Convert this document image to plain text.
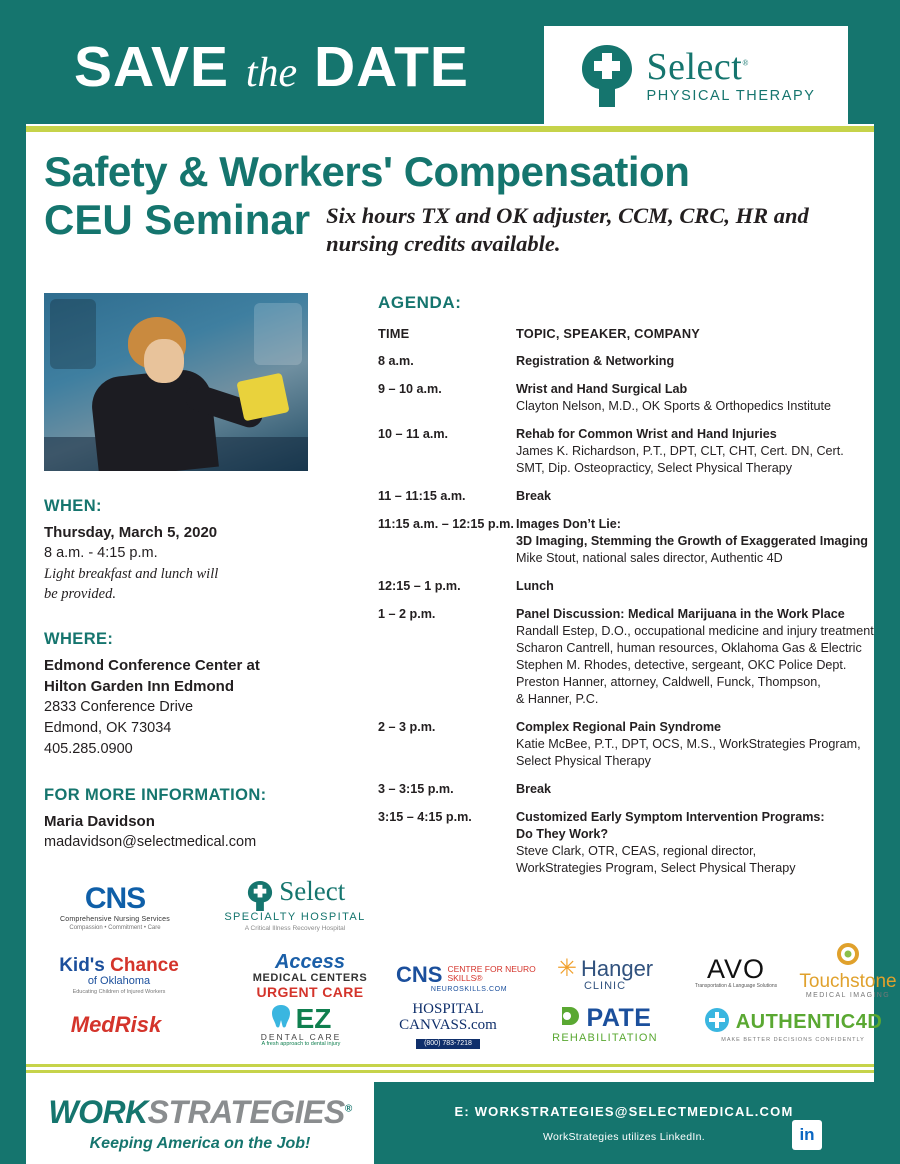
SAVE the DATE	Select®
PHYSICAL THERAPY
Safety & Workers' Compensation
CEU Seminar Six hours TX and OK adjuster, CCM, CRC, HR and nursing credits available.
WHEN:
Thursday, March 5, 2020
8 a.m. - 4:15 p.m.
Light breakfast and lunch will
be provided.
WHERE:
Edmond Conference Center at
Hilton Garden Inn Edmond
2833 Conference Drive
Edmond, OK 73034
405.285.0900
FOR MORE INFORMATION:
Maria Davidson
madavidson@selectmedical.com
AGENDA:
TIME	TOPIC, SPEAKER, COMPANY
8 a.m.	Registration & Networking
9 – 10 a.m.	Wrist and Hand Surgical Lab
Clayton Nelson, M.D., OK Sports & Orthopedics Institute
10 – 11 a.m.	Rehab for Common Wrist and Hand Injuries
James K. Richardson, P.T., DPT, CLT, CHT, Cert. DN, Cert.
SMT, Dip. Osteopracticy, Select Physical Therapy
11 – 11:15 a.m.	Break
11:15 a.m. – 12:15 p.m. Images Don’t Lie:
3D Imaging, Stemming the Growth of Exaggerated Imaging
Mike Stout, national sales director, Authentic 4D
12:15 – 1 p.m.	Lunch
1 – 2 p.m.	Panel Discussion: Medical Marijuana in the Work Place
Randall Estep, D.O., occupational medicine and injury treatment
Scharon Cantrell, human resources, Oklahoma Gas & Electric
Stephen M. Rhodes, detective, sergeant, OKC Police Dept.
Preston Hanner, attorney, Caldwell, Funck, Thompson,
& Hanner, P.C.
2 – 3 p.m.	Complex Regional Pain Syndrome
Katie McBee, P.T., DPT, OCS, M.S., WorkStrategies Program,
Select Physical Therapy
3 – 3:15 p.m.	Break
3:15 – 4:15 p.m.	Customized Early Symptom Intervention Programs:
Do They Work?
Steve Clark, OTR, CEAS, regional director,
WorkStrategies Program, Select Physical Therapy
CNS
Comprehensive Nursing Services
Compassion • Commitment • Care
Select
SPECIALTY HOSPITAL
A Critical Illness Recovery Hospital
Kid's Chance
of Oklahoma
Educating Children of Injured Workers
Access
MEDICAL CENTERS
URGENT CARE
CNS CENTRE FOR NEURO SKILLS®
NEUROSKILLS.COM
✳ Hanger
CLINIC
AVO
Transportation & Language Solutions Touchstone
MEDICAL IMAGING
MedRisk	EZ
DENTAL CARE
A fresh approach to dental injury
HOSPITAL CANVASS.com
(800) 783-7218
PATE
REHABILITATION
AUTHENTIC4D
MAKE BETTER DECISIONS CONFIDENTLY
WORKSTRATEGIES®
Keeping America on the Job!
E: WORKSTRATEGIES@SELECTMEDICAL.COM
WorkStrategies utilizes LinkedIn.	in
